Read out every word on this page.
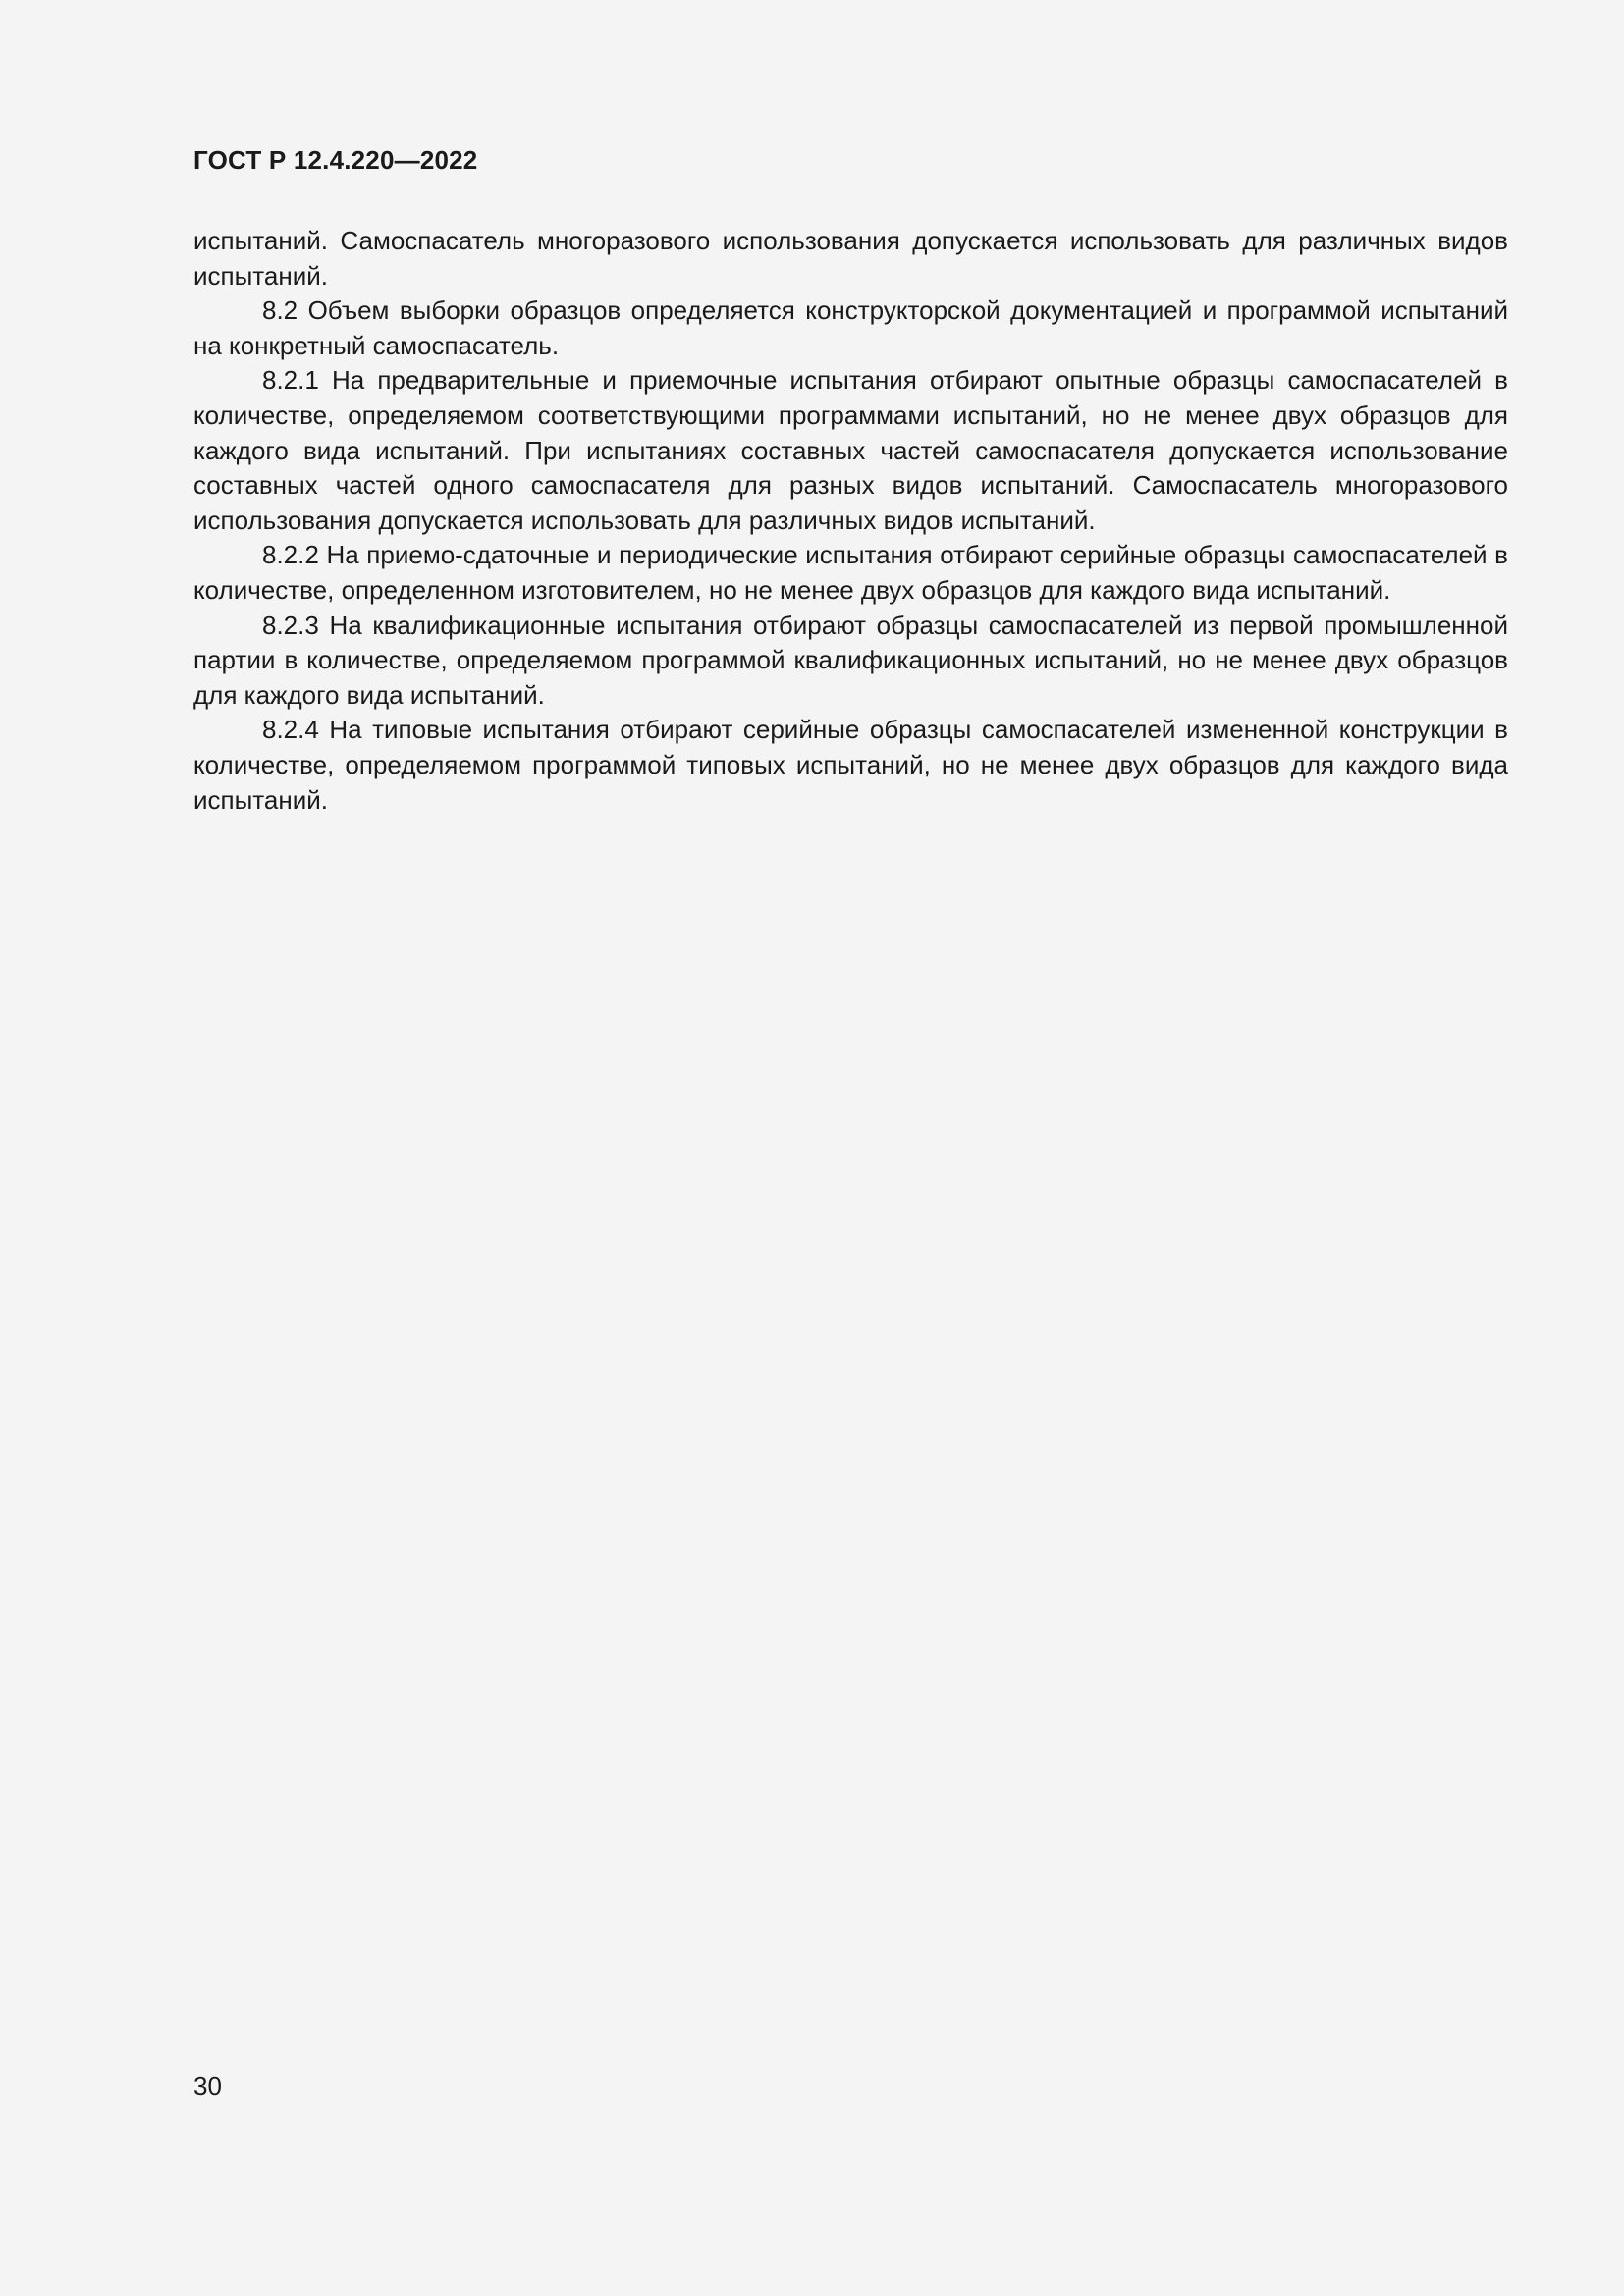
ГОСТ Р 12.4.220—2022

испытаний. Самоспасатель многоразового использования допускается использовать для различных видов испытаний.

8.2 Объем выборки образцов определяется конструкторской документацией и программой испытаний на конкретный самоспасатель.

8.2.1 На предварительные и приемочные испытания отбирают опытные образцы самоспасателей в количестве, определяемом соответствующими программами испытаний, но не менее двух образцов для каждого вида испытаний. При испытаниях составных частей самоспасателя допускается использование составных частей одного самоспасателя для разных видов испытаний. Самоспасатель многоразового использования допускается использовать для различных видов испытаний.

8.2.2 На приемо-сдаточные и периодические испытания отбирают серийные образцы самоспасателей в количестве, определенном изготовителем, но не менее двух образцов для каждого вида испытаний.

8.2.3 На квалификационные испытания отбирают образцы самоспасателей из первой промышленной партии в количестве, определяемом программой квалификационных испытаний, но не менее двух образцов для каждого вида испытаний.

8.2.4 На типовые испытания отбирают серийные образцы самоспасателей измененной конструкции в количестве, определяемом программой типовых испытаний, но не менее двух образцов для каждого вида испытаний.

30
